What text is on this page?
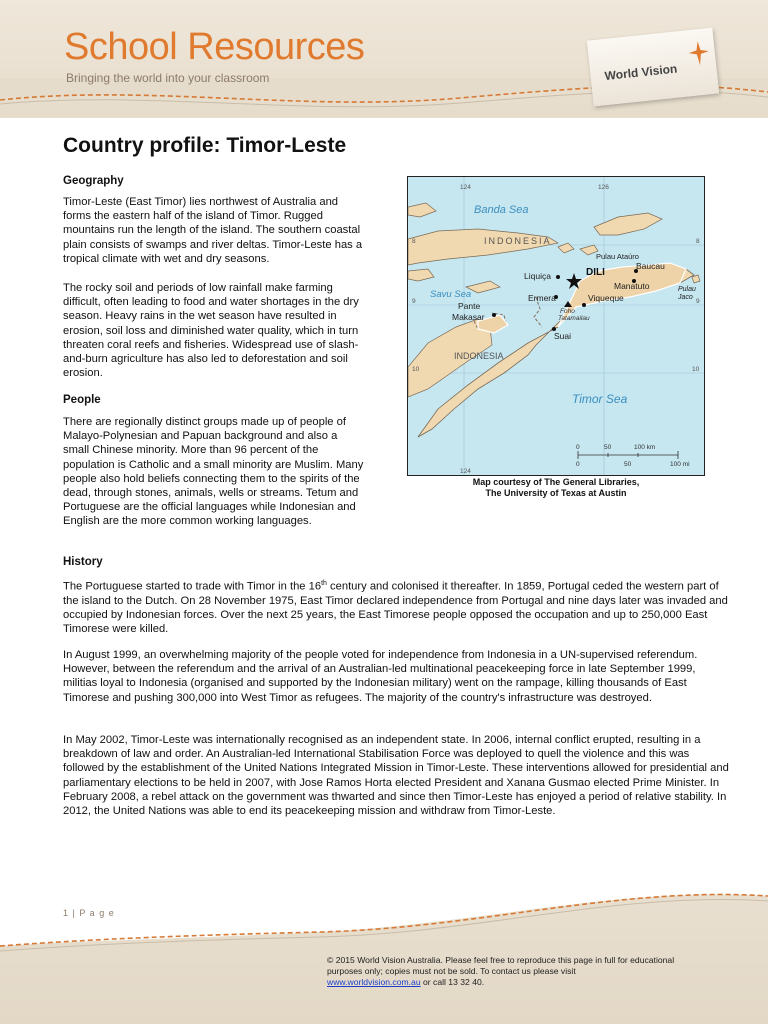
School Resources
Bringing the world into your classroom	World Vision
Country profile: Timor-Leste
Geography

Timor-Leste (East Timor) lies northwest of Australia and forms the eastern half of the island of Timor. Rugged mountains run the length of the island. The southern coastal plain consists of swamps and river deltas. Timor-Leste has a tropical climate with wet and dry seasons.

The rocky soil and periods of low rainfall make farming difficult, often leading to food and water shortages in the dry season. Heavy rains in the wet season have resulted in erosion, soil loss and diminished water quality, which in turn threaten coral reefs and fisheries. Widespread use of slash-and-burn agriculture has also led to deforestation and soil erosion.

People

There are regionally distinct groups made up of people of Malayo-Polynesian and Papuan background and also a small Chinese minority. More than 96 percent of the population is Catholic and a small minority are Muslim. Many people also hold beliefs connecting them to the spirits of the dead, through stones, animals, wells or streams. Tetum and Portuguese are the official languages while Indonesian and English are the more common working languages.

Banda Sea
Savu Sea
Timor Sea
INDONESIA
INDONESIA
Pulau Ataúro
DILI
Baucau
Liquiça
Manatuto
Ermera	Viqueque
Pante
Makasar
Foho
Tatamailau
Suai
Pulau
Jaco
124	126
124
8
9
10
8
9
10
0	50	100 km
0	50	100 mi
Map courtesy of The General Libraries,
The University of Texas at Austin
History

The Portuguese started to trade with Timor in the 16th century and colonised it thereafter. In 1859, Portugal ceded the western part of the island to the Dutch. On 28 November 1975, East Timor declared independence from Portugal and nine days later was invaded and occupied by Indonesian forces. Over the next 25 years, the East Timorese people opposed the occupation and up to 250,000 East Timorese were killed.

In August 1999, an overwhelming majority of the people voted for independence from Indonesia in a UN-supervised referendum. However, between the referendum and the arrival of an Australian-led multinational peacekeeping force in late September 1999, militias loyal to Indonesia (organised and supported by the Indonesian military) went on the rampage, killing thousands of East Timorese and pushing 300,000 into West Timor as refugees. The majority of the country's infrastructure was destroyed.

In May 2002, Timor-Leste was internationally recognised as an independent state. In 2006, internal conflict erupted, resulting in a breakdown of law and order. An Australian-led International Stabilisation Force was deployed to quell the violence and this was followed by the establishment of the United Nations Integrated Mission in Timor-Leste. These interventions allowed for presidential and parliamentary elections to be held in 2007, with Jose Ramos Horta elected President and Xanana Gusmao elected Prime Minister. In February 2008, a rebel attack on the government was thwarted and since then Timor-Leste has enjoyed a period of relative stability. In 2012, the United Nations was able to end its peacekeeping mission and withdraw from Timor-Leste.

1 | P a g e
© 2015 World Vision Australia. Please feel free to reproduce this page in full for educational purposes only; copies must not be sold. To contact us please visit
www.worldvision.com.au or call 13 32 40.
